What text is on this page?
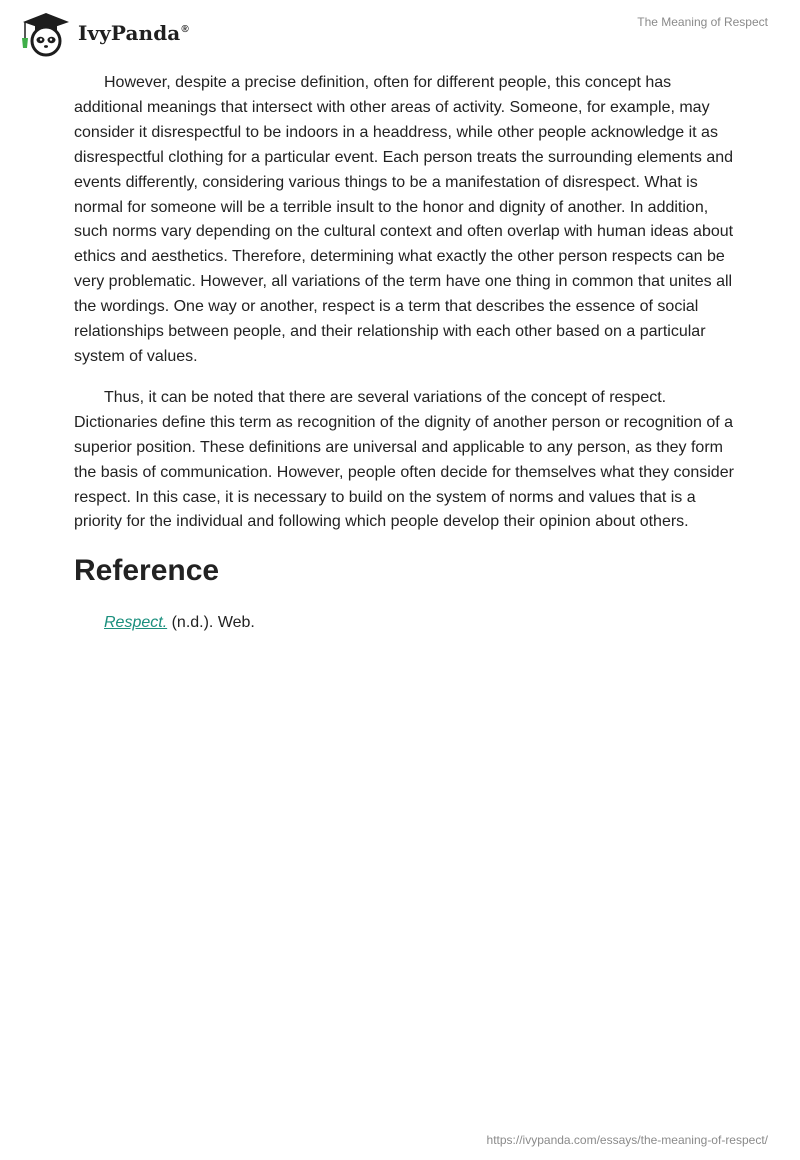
IvyPanda®
The Meaning of Respect

However, despite a precise definition, often for different people, this concept has additional meanings that intersect with other areas of activity. Someone, for example, may consider it disrespectful to be indoors in a headdress, while other people acknowledge it as disrespectful clothing for a particular event. Each person treats the surrounding elements and events differently, considering various things to be a manifestation of disrespect. What is normal for someone will be a terrible insult to the honor and dignity of another. In addition, such norms vary depending on the cultural context and often overlap with human ideas about ethics and aesthetics. Therefore, determining what exactly the other person respects can be very problematic. However, all variations of the term have one thing in common that unites all the wordings. One way or another, respect is a term that describes the essence of social relationships between people, and their relationship with each other based on a particular system of values.

Thus, it can be noted that there are several variations of the concept of respect. Dictionaries define this term as recognition of the dignity of another person or recognition of a superior position. These definitions are universal and applicable to any person, as they form the basis of communication. However, people often decide for themselves what they consider respect. In this case, it is necessary to build on the system of norms and values that is a priority for the individual and following which people develop their opinion about others.

Reference

Respect. (n.d.). Web.

https://ivypanda.com/essays/the-meaning-of-respect/
